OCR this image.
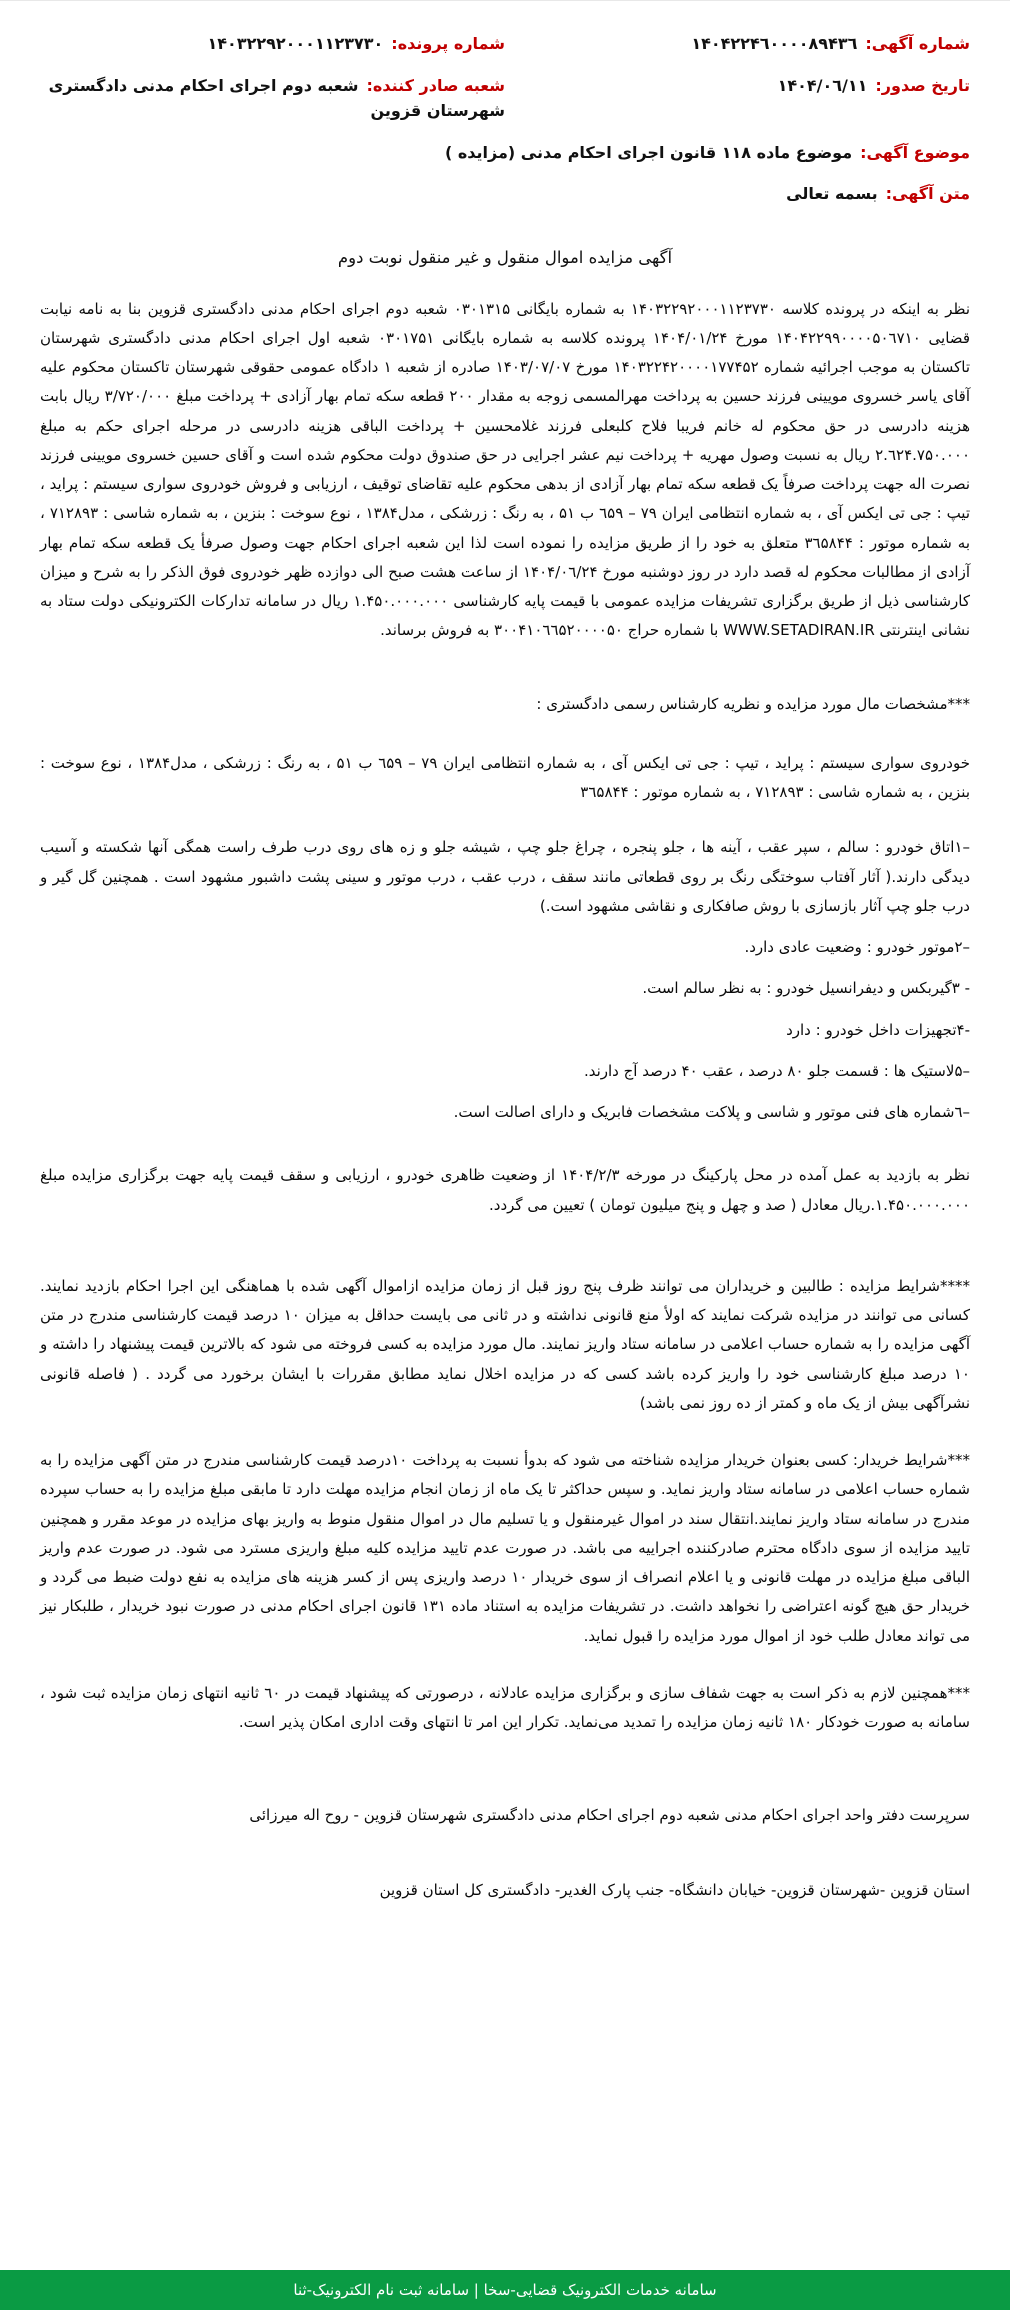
شماره آگهی:۱۴۰۴۲۲۴٦۰۰۰۰۸۹۴۳٦
شماره پرونده:۱۴۰۳۲۲۹۲۰۰۰۱۱۲۳۷۳۰
تاریخ صدور:۱۴۰۴/۰٦/۱۱
شعبه صادر کننده:شعبه دوم اجرای احکام مدنی دادگستری شهرستان قزوین
موضوع آگهی:موضوع ماده ۱۱۸ قانون اجرای احکام مدنی (مزایده )
متن آگهی:بسمه تعالی
آگهی مزایده اموال منقول و غیر منقول نوبت دوم

نظر به اینکه در پرونده کلاسه ۱۴۰۳۲۲۹۲۰۰۰۱۱۲۳۷۳۰ به شماره بایگانی ۰۳۰۱۳۱۵ شعبه دوم اجرای احکام مدنی دادگستری قزوین بنا به نامه نیابت قضایی ۱۴۰۴۲۲۹۹۰۰۰۰۵۰٦۷۱۰ مورخ ۱۴۰۴/۰۱/۲۴ پرونده کلاسه به شماره بایگانی ۰۳۰۱۷۵۱ شعبه اول اجرای احکام مدنی دادگستری شهرستان تاکستان به موجب اجرائیه شماره ۱۴۰۳۲۲۴۲۰۰۰۰۱۷۷۴۵۲ مورخ ۱۴۰۳/۰۷/۰۷ صادره از شعبه ۱ دادگاه عمومی حقوقی شهرستان تاکستان محکوم علیه آقای یاسر خسروی مویینی فرزند حسین به پرداخت مهرالمسمی زوجه به مقدار ۲۰۰ قطعه سکه تمام بهار آزادی + پرداخت مبلغ ۳/۷۲۰/۰۰۰ ریال بابت هزینه دادرسی در حق محکوم له خانم فریبا فلاح کلبعلی فرزند غلامحسین + پرداخت الباقی هزینه دادرسی در مرحله اجرای حکم به مبلغ ۲.٦۲۴.۷۵۰.۰۰۰ ریال به نسبت وصول مهریه + پرداخت نیم عشر اجرایی در حق صندوق دولت محکوم شده است و آقای حسین خسروی مویینی فرزند نصرت اله جهت پرداخت صرفاً یک قطعه سکه تمام بهار آزادی از بدهی محکوم علیه تقاضای توقیف ، ارزیابی و فروش خودروی سواری سیستم : پراید ، تیپ : جی تی ایکس آی ، به شماره انتظامی ایران ۷۹ – ٦۵۹ ب ۵۱ ، به رنگ : زرشکی ، مدل۱۳۸۴ ، نوع سوخت : بنزین ، به شماره شاسی : ۷۱۲۸۹۳ ، به شماره موتور : ۳٦۵۸۴۴ متعلق به خود را از طریق مزایده را نموده است لذا این شعبه اجرای احکام جهت وصول صرفأ یک قطعه سکه تمام بهار آزادی از مطالبات محکوم له قصد دارد در روز دوشنبه مورخ ۱۴۰۴/۰٦/۲۴ از ساعت هشت صبح الی دوازده ظهر خودروی فوق الذکر را به شرح و میزان کارشناسی ذیل از طریق برگزاری تشریفات مزایده عمومی با قیمت پایه کارشناسی ۱.۴۵۰.۰۰۰.۰۰۰ ریال در سامانه تدارکات الکترونیکی دولت ستاد به نشانی اینترنتی WWW.SETADIRAN.IR با شماره حراج ۳۰۰۴۱۰٦٦۵۲۰۰۰۰۵۰ به فروش برساند.

***مشخصات مال مورد مزایده و نظریه کارشناس رسمی دادگستری :

خودروی سواری سیستم : پراید ، تیپ : جی تی ایکس آی ، به شماره انتظامی ایران ۷۹ – ٦۵۹ ب ۵۱ ، به رنگ : زرشکی ، مدل۱۳۸۴ ، نوع سوخت : بنزین ، به شماره شاسی : ۷۱۲۸۹۳ ، به شماره موتور : ۳٦۵۸۴۴

–۱اتاق خودرو : سالم ، سپر عقب ، آینه ها ، جلو پنجره ، چراغ جلو چپ ، شیشه جلو و زه های روی درب طرف راست همگی آنها شکسته و آسیب دیدگی دارند.( آثار آفتاب سوختگی رنگ بر روی قطعاتی مانند سقف ، درب عقب ، درب موتور و سینی پشت داشبور مشهود است . همچنین گل گیر و درب جلو چپ آثار بازسازی با روش صافکاری و نقاشی مشهود است.)

–۲موتور خودرو : وضعیت عادی دارد.

- ۳گیربکس و دیفرانسیل خودرو : به نظر سالم است.

-۴تجهیزات داخل خودرو : دارد

–۵لاستیک ها : قسمت جلو ۸۰ درصد ، عقب ۴۰ درصد آج دارند.

–٦شماره های فنی موتور و شاسی و پلاکت مشخصات فابریک و دارای اصالت است.

نظر به بازدید به عمل آمده در محل پارکینگ در مورخه ۱۴۰۴/۲/۳ از وضعیت ظاهری خودرو ، ارزیابی و سقف قیمت پایه جهت برگزاری مزایده مبلغ ۱.۴۵۰.۰۰۰.۰۰۰.ریال معادل ( صد و چهل و پنج میلیون تومان ) تعیین می گردد.

****شرایط مزایده : طالبین و خریداران می توانند ظرف پنج روز قبل از زمان مزایده ازاموال آگهی شده با هماهنگی این اجرا احکام بازدید نمایند. کسانی می توانند در مزایده شرکت نمایند که اولأ منع قانونی نداشته و در ثانی می بایست حداقل به میزان ۱۰ درصد قیمت کارشناسی مندرج در متن آگهی مزایده را به شماره حساب اعلامی در سامانه ستاد واریز نمایند. مال مورد مزایده به کسی فروخته می شود که بالاترین قیمت پیشنهاد را داشته و ۱۰ درصد مبلغ کارشناسی خود را واریز کرده باشد کسی که در مزایده اخلال نماید مطابق مقررات با ایشان برخورد می گردد . ( فاصله قانونی نشرآگهی بیش از یک ماه و کمتر از ده روز نمی باشد)

***شرایط خریدار: کسی بعنوان خریدار مزایده شناخته می شود که بدوأ نسبت به پرداخت ۱۰درصد قیمت کارشناسی مندرج در متن آگهی مزایده را به شماره حساب اعلامی در سامانه ستاد واریز نماید. و سپس حداکثر تا یک ماه از زمان انجام مزایده مهلت دارد تا مابقی مبلغ مزایده را به حساب سپرده مندرج در سامانه ستاد واریز نمایند.انتقال سند در اموال غیرمنقول و یا تسلیم مال در اموال منقول منوط به واریز بهای مزایده در موعد مقرر و همچنین تایید مزایده از سوی دادگاه محترم صادرکننده اجراییه می باشد. در صورت عدم تایید مزایده کلیه مبلغ واریزی مسترد می شود. در صورت عدم واریز الباقی مبلغ مزایده در مهلت قانونی و یا اعلام انصراف از سوی خریدار ۱۰ درصد واریزی پس از کسر هزینه های مزایده به نفع دولت ضبط می گردد و خریدار حق هیچ گونه اعتراضی را نخواهد داشت. در تشریفات مزایده به استناد ماده ۱۳۱ قانون اجرای احکام مدنی در صورت نبود خریدار ، طلبکار نیز می تواند معادل طلب خود از اموال مورد مزایده را قبول نماید.

***همچنین لازم به ذکر است به جهت شفاف سازی و برگزاری مزایده عادلانه ، درصورتی که پیشنهاد قیمت در ٦۰ ثانیه انتهای زمان مزایده ثبت شود ، سامانه به صورت خودکار ۱۸۰ ثانیه زمان مزایده را تمدید می‌نماید. تکرار این امر تا انتهای وقت اداری امکان پذیر است.

سرپرست دفتر واحد اجرای احکام مدنی شعبه دوم اجرای احکام مدنی دادگستری شهرستان قزوین - روح اله میرزائی
استان قزوین -شهرستان قزوین- خیابان دانشگاه- جنب پارک الغدیر- دادگستری کل استان قزوین
سامانه خدمات الکترونیک قضایی-سخا | سامانه ثبت نام الکترونیک-ثنا
